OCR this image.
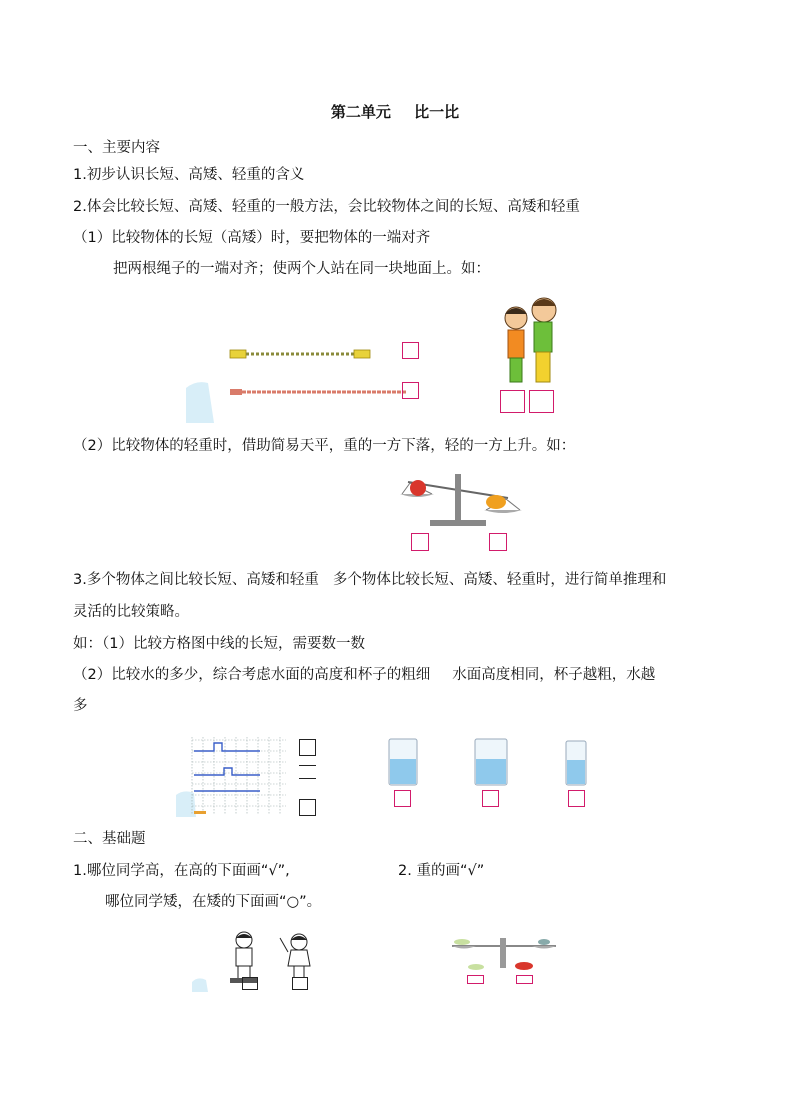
第二单元 比一比
一、主要内容
1.初步认识长短、高矮、轻重的含义
2.体会比较长短、高矮、轻重的一般方法，会比较物体之间的长短、高矮和轻重
（1）比较物体的长短（高矮）时，要把物体的一端对齐
把两根绳子的一端对齐；使两个人站在同一块地面上。如：
（2）比较物体的轻重时，借助简易天平，重的一方下落，轻的一方上升。如：
3.多个物体之间比较长短、高矮和轻重 多个物体比较长短、高矮、轻重时，进行简单推理和
灵活的比较策略。
如：（1）比较方格图中线的长短，需要数一数
（2）比较水的多少，综合考虑水面的高度和杯子的粗细 水面高度相同，杯子越粗，水越
多
二、基础题
1.哪位同学高，在高的下面画“√”,	2. 重的画“√”
哪位同学矮，在矮的下面画“○”。
